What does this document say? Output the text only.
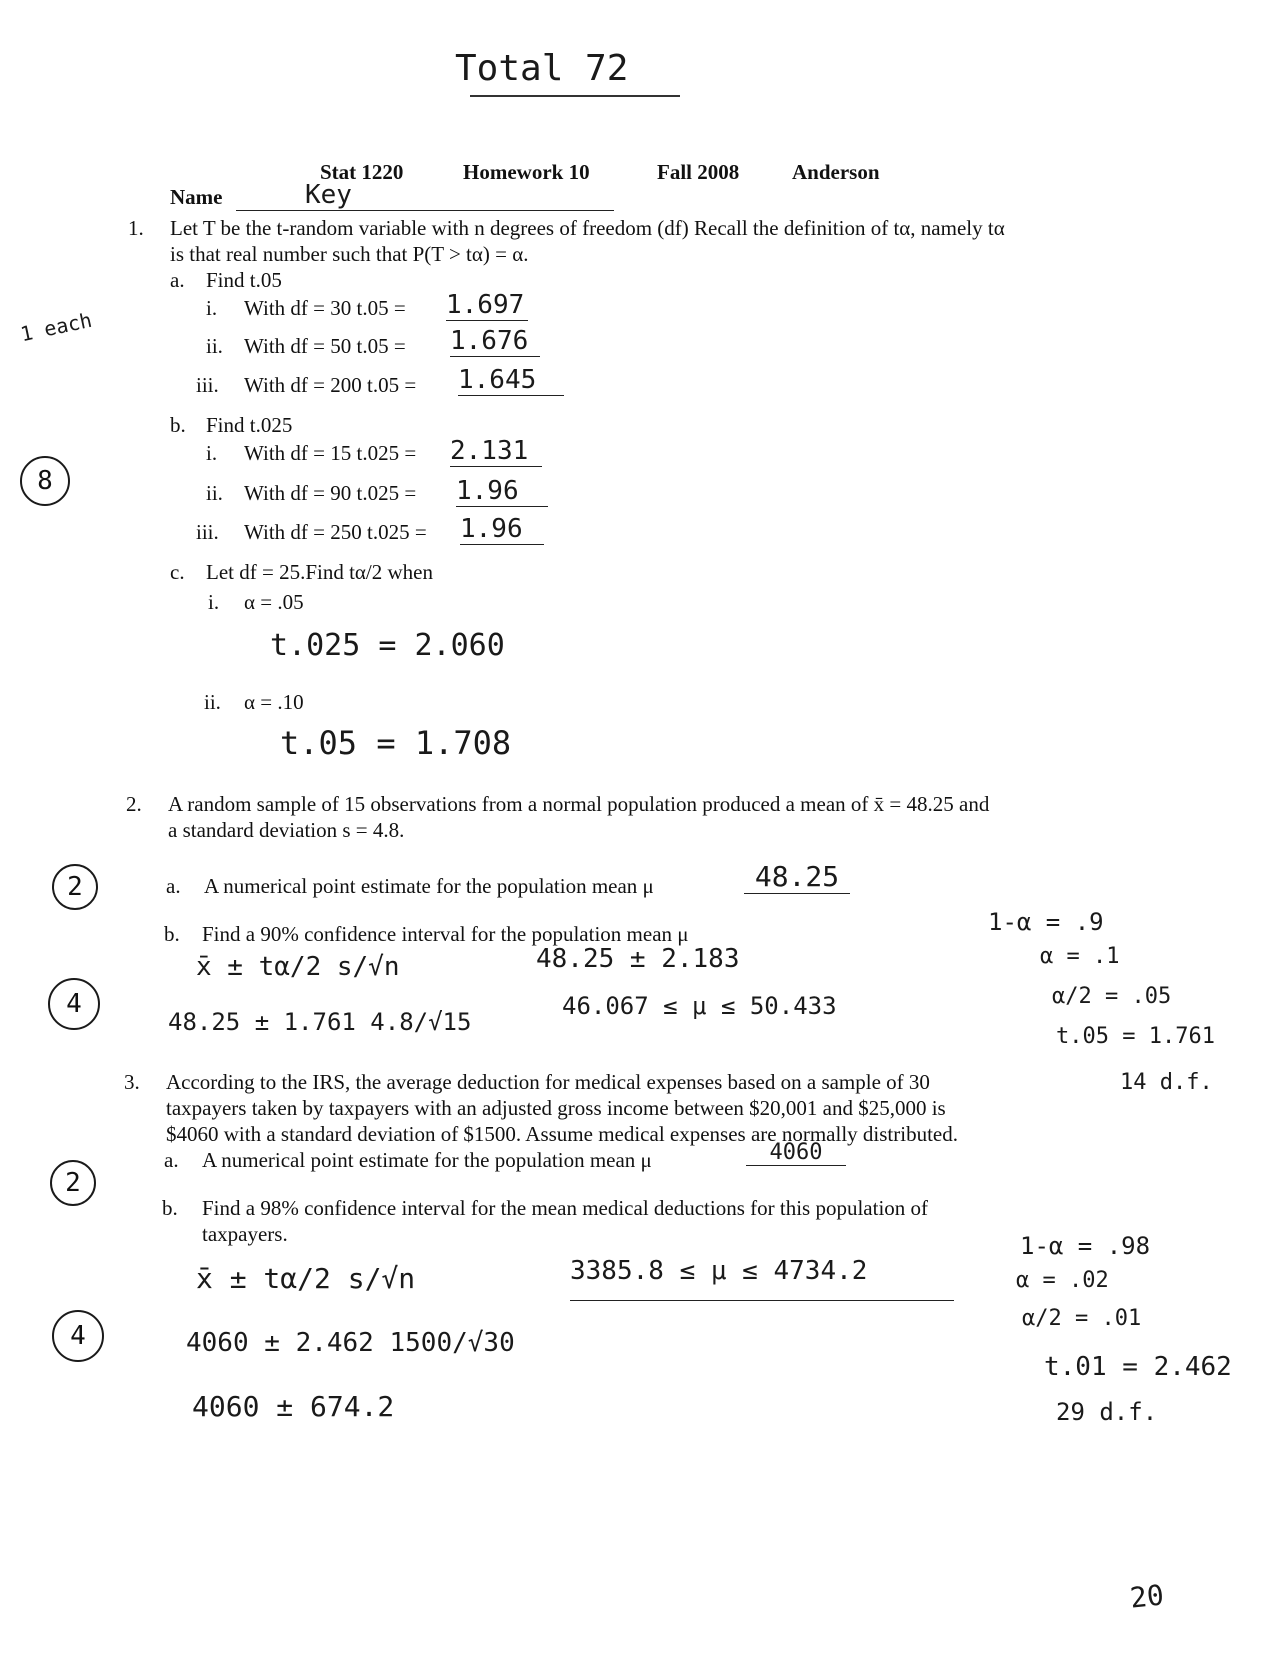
Total 72
Stat 1220	Homework 10	Fall 2008	Anderson
Name	Key
1 each
8
1. Let T be the t-random variable with n degrees of freedom (df) Recall the definition of tα, namely tα
is that real number such that P(T > tα) = α.
a. Find t.05
i. With df = 30 t.05 = 1.697
ii. With df = 50 t.05 = 1.676
iii. With df = 200 t.05 = 1.645
b. Find t.025
i. With df = 15 t.025 = 2.131
ii. With df = 90 t.025 = 1.96
iii. With df = 250 t.025 = 1.96
c. Let df = 25.Find tα/2 when
i. α = .05
t.025 = 2.060
ii. α = .10
t.05 = 1.708
2
4
2. A random sample of 15 observations from a normal population produced a mean of x̄ = 48.25 and
a standard deviation s = 4.8.
a. A numerical point estimate for the population mean μ	48.25
b. Find a 90% confidence interval for the population mean μ
x̄ ± tα/2 s/√n
48.25 ± 1.761 4.8/√15
48.25 ± 2.183
46.067 ≤ μ ≤ 50.433
1-α = .9
α = .1
α/2 = .05
t.05 = 1.761
14 d.f.
2
4
3. According to the IRS, the average deduction for medical expenses based on a sample of 30
taxpayers taken by taxpayers with an adjusted gross income between $20,001 and $25,000 is
$4060 with a standard deviation of $1500. Assume medical expenses are normally distributed.
a. A numerical point estimate for the population mean μ	4060
b. Find a 98% confidence interval for the mean medical deductions for this population of
taxpayers.
x̄ ± tα/2 s/√n
4060 ± 2.462 1500/√30
4060 ± 674.2
3385.8 ≤ μ ≤ 4734.2
1-α = .98
α = .02
α/2 = .01
t.01 = 2.462
29 d.f.
20
